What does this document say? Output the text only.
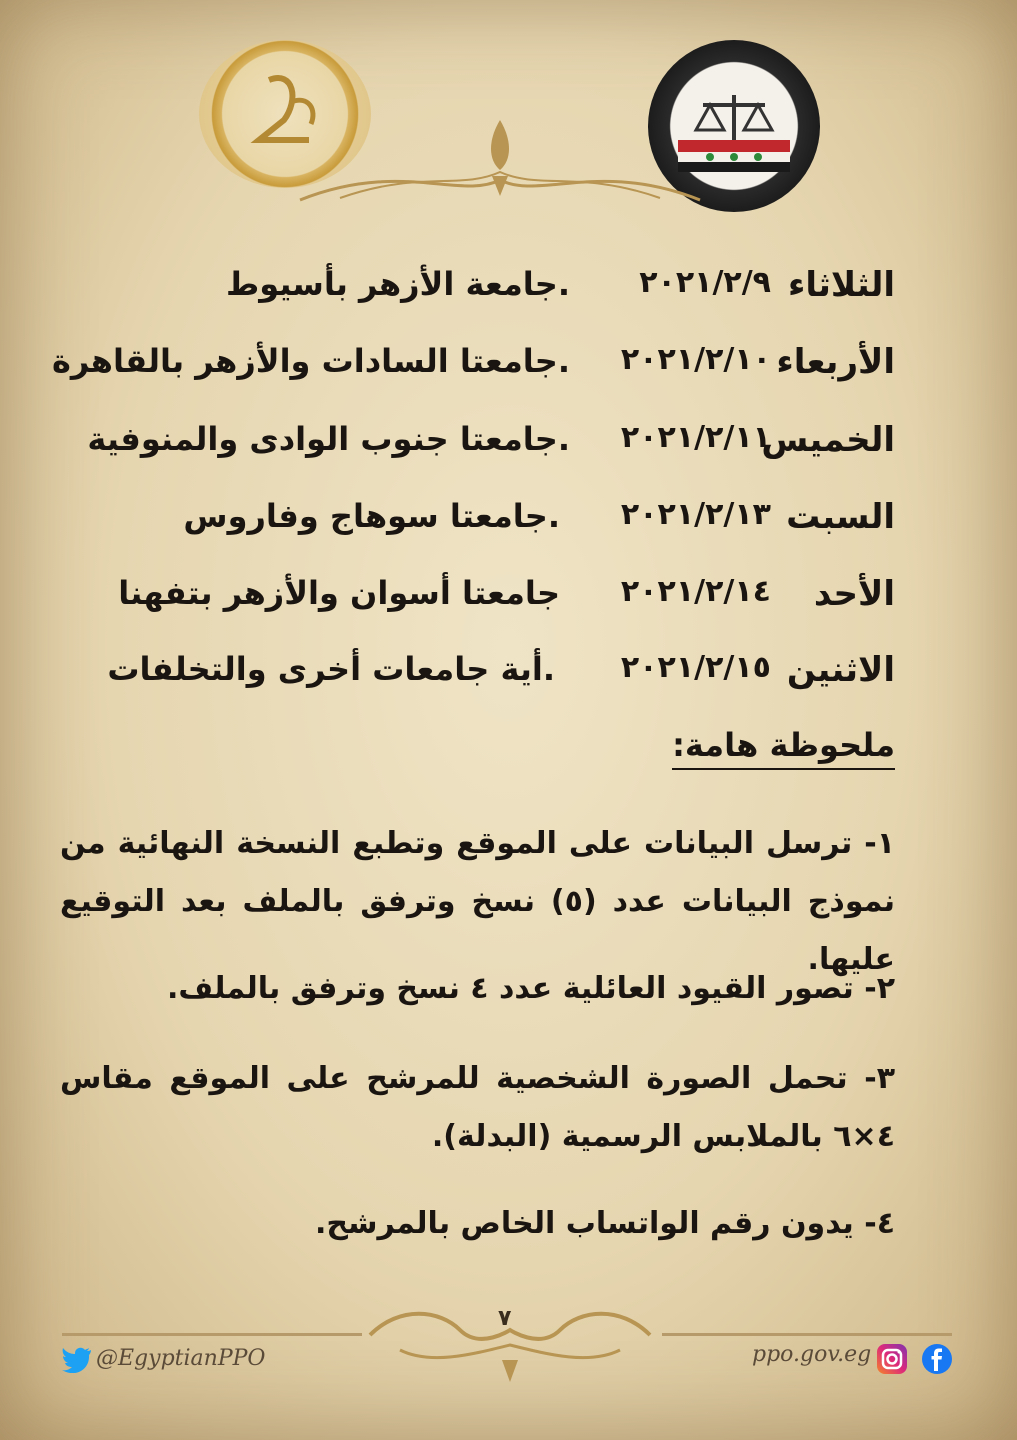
الثلاثاء
٢٠٢١/٢/٩
جامعة الأزهر بأسيوط.
الأربعاء
٢٠٢١/٢/١٠
جامعتا السادات والأزهر بالقاهرة.
الخميس
٢٠٢١/٢/١١
جامعتا جنوب الوادى والمنوفية.
السبت
٢٠٢١/٢/١٣
جامعتا سوهاج وفاروس.
الأحد
٢٠٢١/٢/١٤
جامعتا أسوان والأزهر بتفهنا
الاثنين
٢٠٢١/٢/١٥
أية جامعات أخرى والتخلفات.
ملحوظة هامة:
١- ترسل البيانات على الموقع وتطبع النسخة النهائية من نموذج البيانات عدد (٥) نسخ وترفق بالملف بعد التوقيع عليها.
٢- تصور القيود العائلية عدد ٤ نسخ وترفق بالملف.
٣- تحمل الصورة الشخصية للمرشح على الموقع مقاس ٤×٦ بالملابس الرسمية (البدلة).
٤- يدون رقم الواتساب الخاص بالمرشح.
٧
@EgyptianPPO	ppo.gov.eg
